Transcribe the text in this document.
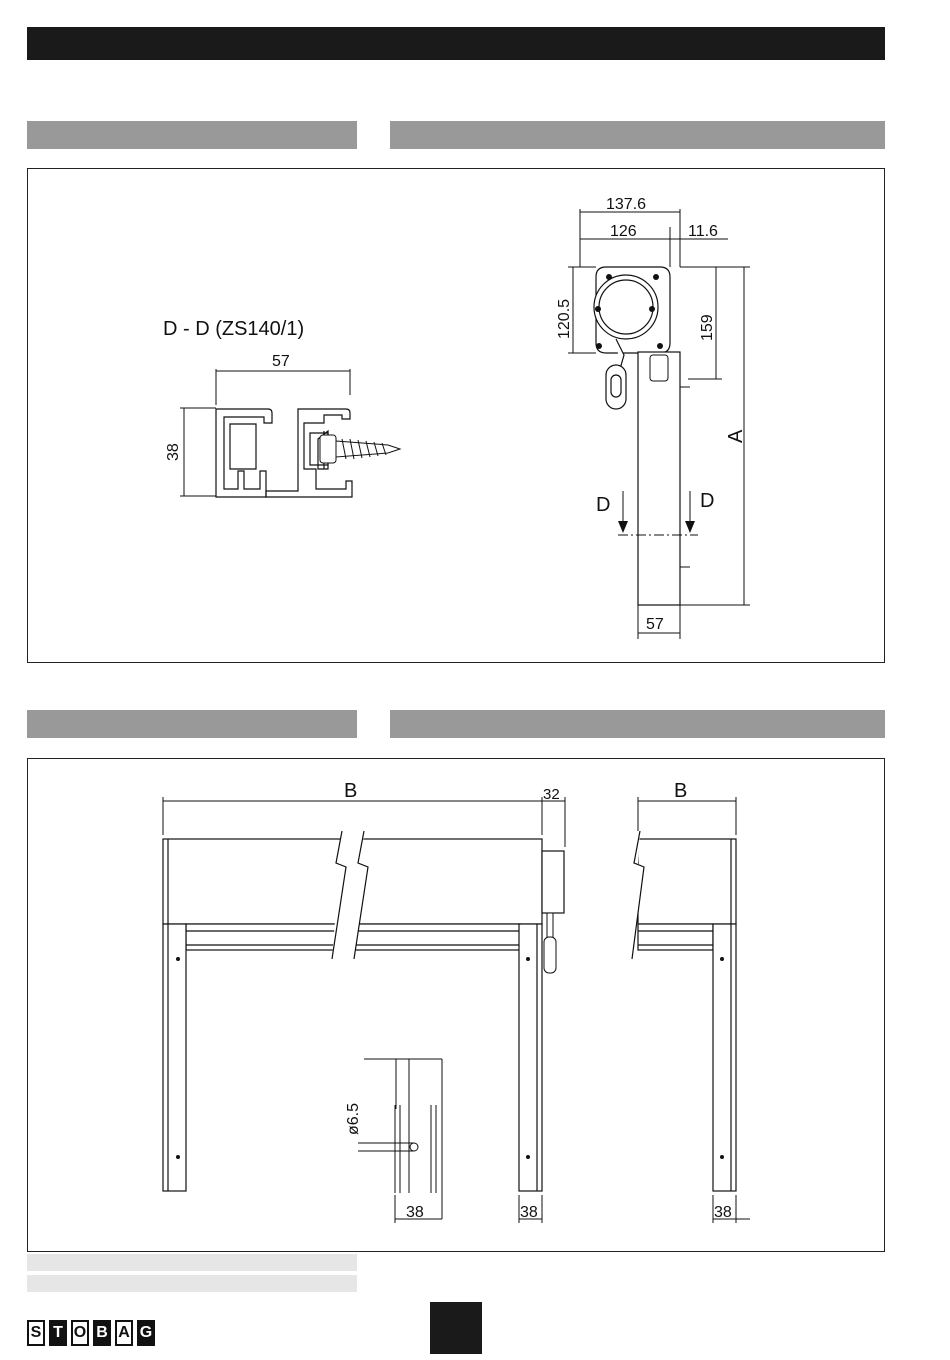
D - D (ZS140/1)
57
38
137.6
126	11.6
120.5	159
A
D	D
57
B	32	B
ø6.5
38	38	38
S T O B A G
